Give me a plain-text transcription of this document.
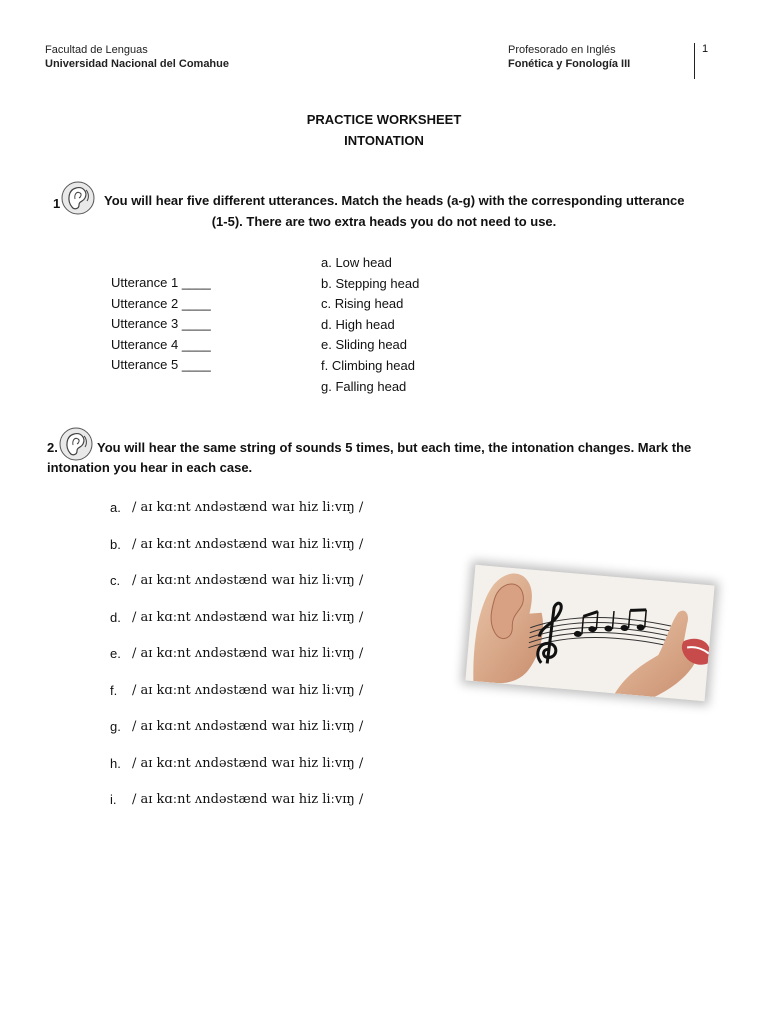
Facultad de Lenguas
Universidad Nacional del Comahue
Profesorado en Inglés
Fonética y Fonología III
1
PRACTICE WORKSHEET
INTONATION
1	You will hear five different utterances. Match the heads (a-g) with the corresponding utterance
(1-5). There are two extra heads you do not need to use.
Utterance 1 ____
Utterance 2 ____
Utterance 3 ____
Utterance 4 ____
Utterance 5 ____
a. Low head
b. Stepping head
c. Rising head
d. High head
e. Sliding head
f. Climbing head
g. Falling head
2.	You will hear the same string of sounds 5 times, but each time, the intonation changes. Mark the
intonation you hear in each case.
a. / aɪ kɑːnt ʌndəstænd waɪ hiz liːvɪŋ /
b. / aɪ kɑːnt ʌndəstænd waɪ hiz liːvɪŋ /
c. / aɪ kɑːnt ʌndəstænd waɪ hiz liːvɪŋ /
d. / aɪ kɑːnt ʌndəstænd waɪ hiz liːvɪŋ /
e. / aɪ kɑːnt ʌndəstænd waɪ hiz liːvɪŋ /
f.	/ aɪ kɑːnt ʌndəstænd waɪ hiz liːvɪŋ /
g. / aɪ kɑːnt ʌndəstænd waɪ hiz liːvɪŋ /
h. / aɪ kɑːnt ʌndəstænd waɪ hiz liːvɪŋ /
i.	/ aɪ kɑːnt ʌndəstænd waɪ hiz liːvɪŋ /
